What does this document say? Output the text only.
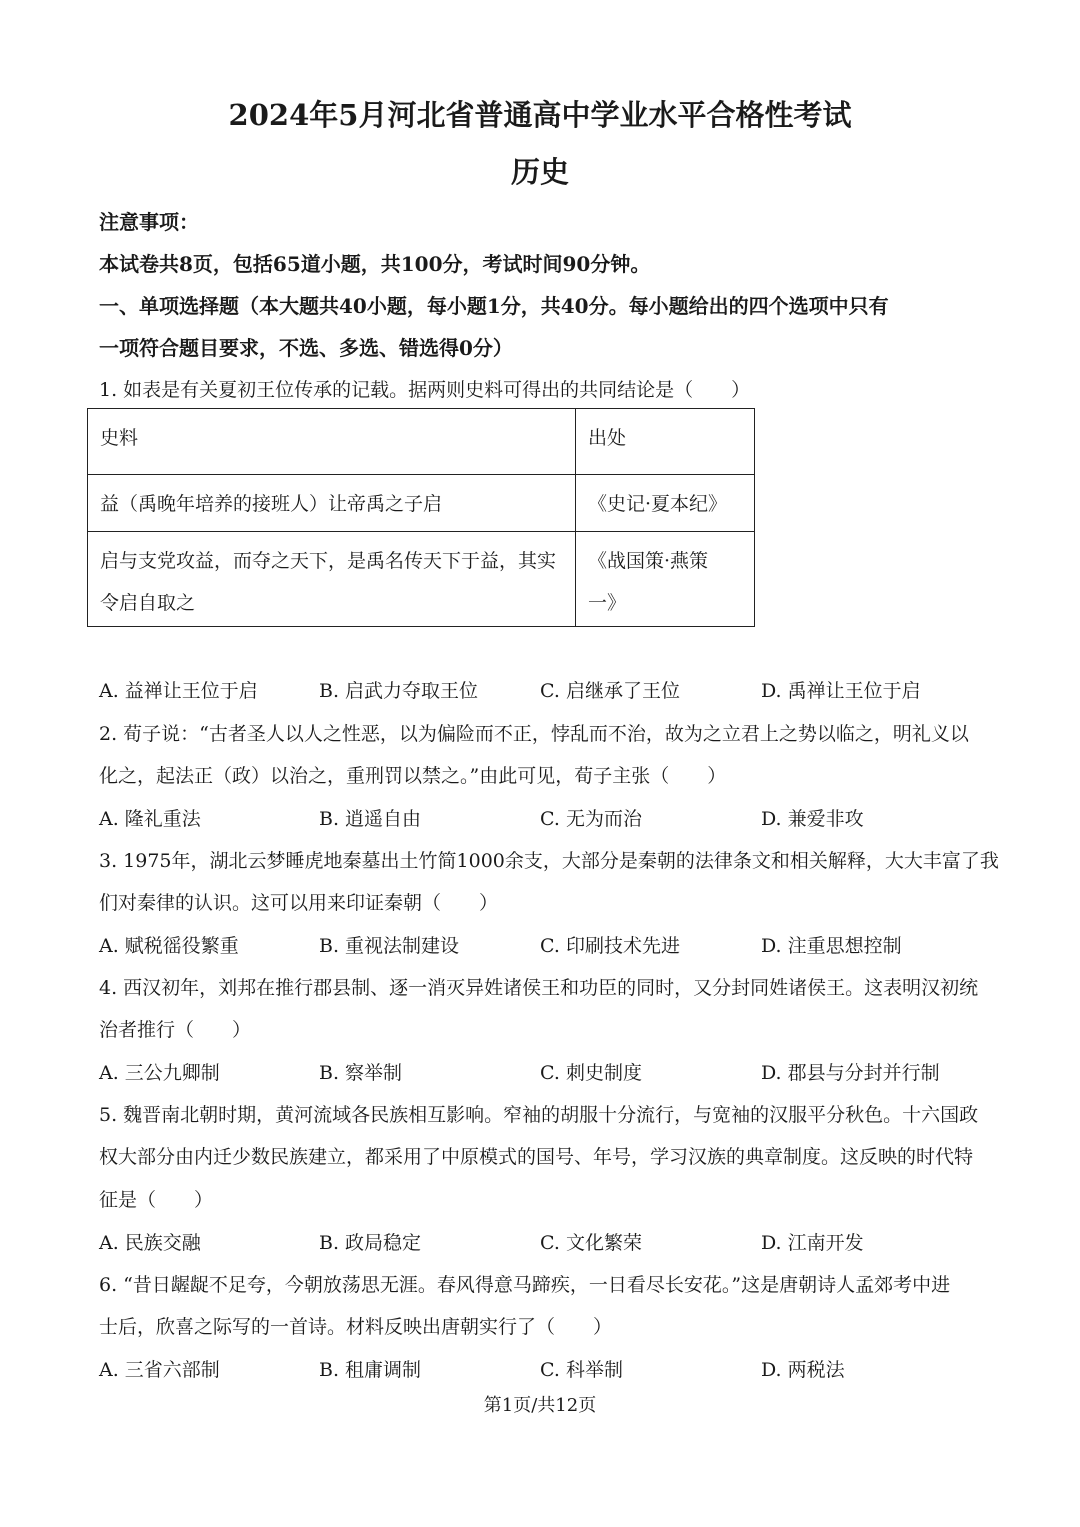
2024年5月河北省普通高中学业水平合格性考试
历史
注意事项：
本试卷共8页，包括65道小题，共100分，考试时间90分钟。
一、单项选择题（本大题共40小题，每小题1分，共40分。每小题给出的四个选项中只有
一项符合题目要求，不选、多选、错选得0分）
1. 如表是有关夏初王位传承的记载。据两则史料可得出的共同结论是（　　）
史料	出处
益（禹晚年培养的接班人）让帝禹之子启	《史记·夏本纪》
启与支党攻益，而夺之天下，是禹名传天下于益，其实
令启自取之	《战国策·燕策
一》
A. 益禅让王位于启	B. 启武力夺取王位	C. 启继承了王位	D. 禹禅让王位于启
2. 荀子说：“古者圣人以人之性恶，以为偏险而不正，悖乱而不治，故为之立君上之势以临之，明礼义以
化之，起法正（政）以治之，重刑罚以禁之。”由此可见，荀子主张（　　）
A. 隆礼重法	B. 逍遥自由	C. 无为而治	D. 兼爱非攻
3. 1975年，湖北云梦睡虎地秦墓出土竹简1000余支，大部分是秦朝的法律条文和相关解释，大大丰富了我
们对秦律的认识。这可以用来印证秦朝（　　）
A. 赋税徭役繁重	B. 重视法制建设	C. 印刷技术先进	D. 注重思想控制
4. 西汉初年，刘邦在推行郡县制、逐一消灭异姓诸侯王和功臣的同时，又分封同姓诸侯王。这表明汉初统
治者推行（　　）
A. 三公九卿制	B. 察举制	C. 刺史制度	D. 郡县与分封并行制
5. 魏晋南北朝时期，黄河流域各民族相互影响。窄袖的胡服十分流行，与宽袖的汉服平分秋色。十六国政
权大部分由内迁少数民族建立，都采用了中原模式的国号、年号，学习汉族的典章制度。这反映的时代特
征是（　　）
A. 民族交融	B. 政局稳定	C. 文化繁荣	D. 江南开发
6. “昔日龌龊不足夸，今朝放荡思无涯。春风得意马蹄疾，一日看尽长安花。”这是唐朝诗人孟郊考中进
士后，欣喜之际写的一首诗。材料反映出唐朝实行了（　　）
A. 三省六部制	B. 租庸调制	C. 科举制	D. 两税法
第1页/共12页
